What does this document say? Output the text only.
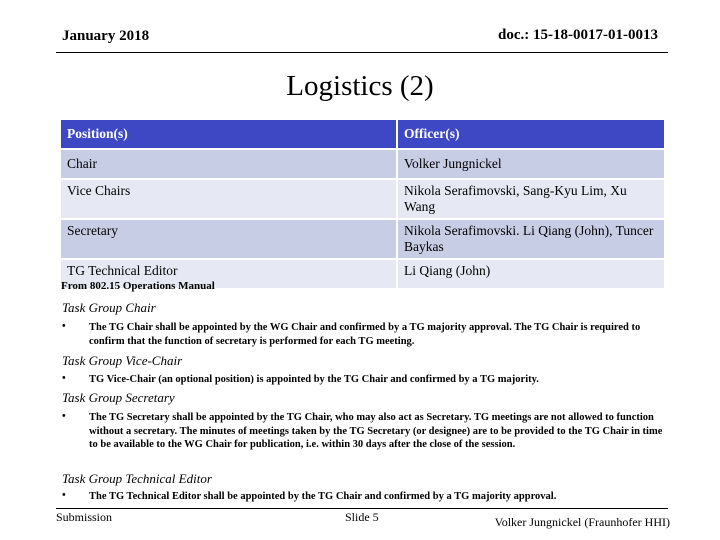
January 2018	doc.: 15-18-0017-01-0013
Logistics (2)
Position(s)	Officer(s)
Chair	Volker Jungnickel
Vice Chairs	Nikola Serafimovski, Sang-Kyu Lim, Xu Wang
Secretary	Nikola Serafimovski. Li Qiang (John), Tuncer Baykas
TG Technical Editor	Li Qiang (John)
From 802.15 Operations Manual
Task Group Chair
• The TG Chair shall be appointed by the WG Chair and confirmed by a TG majority approval. The TG Chair is required to confirm that the function of secretary is performed for each TG meeting.
Task Group Vice-Chair
• TG Vice-Chair (an optional position) is appointed by the TG Chair and confirmed by a TG majority.
Task Group Secretary
• The TG Secretary shall be appointed by the TG Chair, who may also act as Secretary. TG meetings are not allowed to function without a secretary. The minutes of meetings taken by the TG Secretary (or designee) are to be provided to the TG Chair in time to be available to the WG Chair for publication, i.e. within 30 days after the close of the session.
Task Group Technical Editor
• The TG Technical Editor shall be appointed by the TG Chair and confirmed by a TG majority approval.
Submission	Slide 5	Volker Jungnickel (Fraunhofer HHI)
